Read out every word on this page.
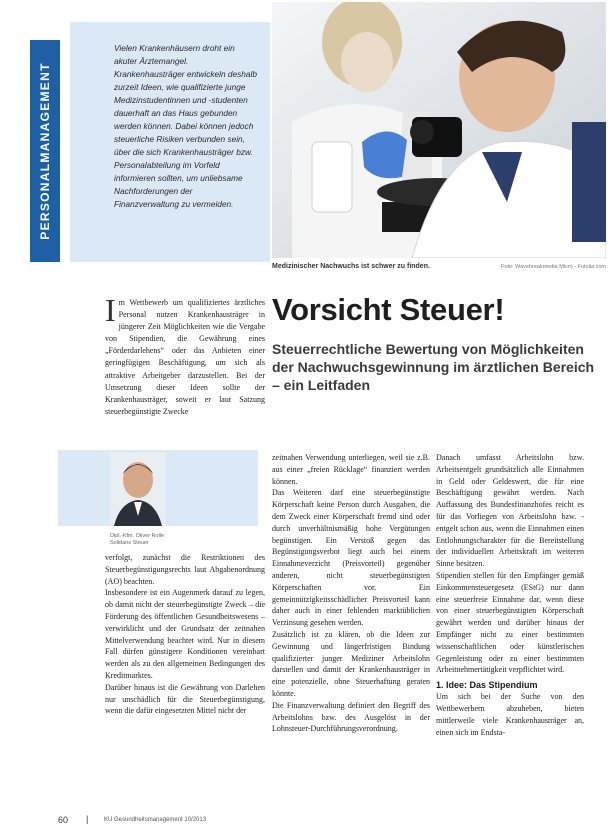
PERSONALMANAGEMENT
Vielen Krankenhäusern droht ein akuter Ärztemangel. Krankenhausträger entwickeln deshalb zurzeit Ideen, wie qualifizierte junge Medizinstudentinnen und -studenten dauerhaft an das Haus gebunden werden können. Dabei können jedoch steuerliche Risiken verbunden sein, über die sich Krankenhausträger bzw. Personalabteilung im Vorfeld informieren sollten, um unliebsame Nachforderungen der Finanzverwaltung zu vermeiden.
Medizinischer Nachwuchs ist schwer zu finden.	Foto: Wavebreakmedia Micro - Fotolia.com
I m Wettbewerb um qualifiziertes ärztliches Personal nutzen Krankenhausträger in jüngerer Zeit Möglichkeiten wie die Vergabe von Stipendien, die Gewährung eines „Förderdarlehens“ oder das Anbieten einer geringfügigen Beschäftigung, um sich als attraktive Arbeitgeber darzustellen. Bei der Umsetzung dieser Ideen sollte der Krankenhausträger, soweit er laut Satzung steuerbegünstigte Zwecke
Vorsicht Steuer!
Steuerrechtliche Bewertung von Möglichkeiten der Nachwuchsgewinnung im ärztlichen Bereich – ein Leitfaden
Dipl.-Kfm. Oliver Rolle
Solidaris Steuer

verfolgt, zunächst die Restriktionen des Steuerbegünstigungsrechts laut Abgabenordnung (AO) beachten.

Insbesondere ist ein Augenmerk darauf zu legen, ob damit nicht der steuerbegünstigte Zweck – die Förderung des öffentlichen Gesundheitswesens – verwirklicht und der Grundsatz der zeitnahen Mittelverwendung beachtet wird. Nur in diesem Fall dürfen günstigere Konditionen vereinbart werden als zu den allgemeinen Bedingungen des Kreditmarktes.

Darüber hinaus ist die Gewährung von Darlehen nur unschädlich für die Steuerbegünstigung, wenn die dafür eingesetzten Mittel nicht der

zeitnahen Verwendung unterliegen, weil sie z.B. aus einer „freien Rücklage“ finanziert werden können.

Das Weiteren darf eine steuerbegünstigte Körperschaft keine Person durch Ausgaben, die dem Zweck einer Körperschaft fremd sind oder durch unverhältnismäßig hohe Vergütungen begünstigen. Ein Verstoß gegen das Begünstigungsverbot liegt auch bei einem Einnahmeverzicht (Preisvorteil) gegenüber anderen, nicht steuerbegünstigten Körperschaften vor. Ein gemeinnützigkeitsschädlicher Preisvorteil kann daher auch in einer fehlenden marktüblichen Verzinsung gesehen werden.

Zusätzlich ist zu klären, ob die Ideen zur Gewinnung und längerfristigen Bindung qualifizierter junger Mediziner Arbeitslohn darstellen und damit der Krankenhausträger in eine potenzielle, ohne Steuerhaftung geraten könnte.

Die Finanzverwaltung definiert den Begriff des Arbeitslohns bzw. des Ausgelöst in der Lohnsteuer-Durchführungsverordnung.

Danach umfasst Arbeitslohn bzw. Arbeitsentgelt grundsätzlich alle Einnahmen in Geld oder Geldeswert, die für eine Beschäftigung gewährt werden. Nach Auffassung des Bundesfinanzhofes reicht es für das Vorliegen von Arbeitslohn bzw. -entgelt schon aus, wenn die Einnahmen einen Entlohnungscharakter für die Bereitstellung der individuellen Arbeitskraft im weiteren Sinne besitzen.

Stipendien stellen für den Empfänger gemäß Einkommensteuergesetz (EStG) nur dann eine steuerfreie Einnahme dar, wenn diese von einer steuerbegünstigten Körperschaft gewährt werden und darüber hinaus der Empfänger nicht zu einer bestimmten wissenschaftlichen oder künstlerischen Gegenleistung oder zu einer bestimmten Arbeitnehmertätigkeit verpflichtet wird.

1. Idee: Das Stipendium

Um sich bei der Suche von den Wettbewerbern abzuheben, bieten mittlerweile viele Krankenhausträger an, einen sich im Endsta-

60 |	KU Gesundheitsmanagement 10/2013
